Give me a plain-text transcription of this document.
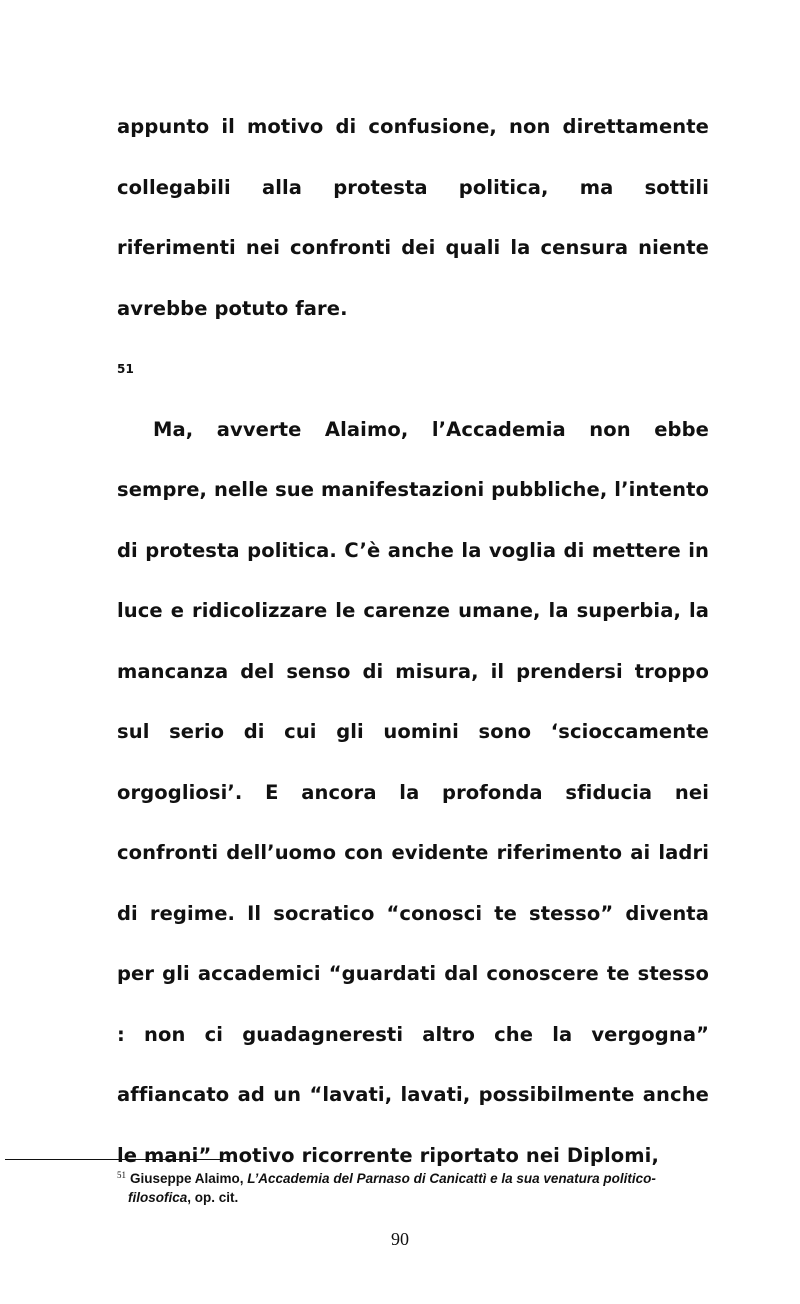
appunto il motivo di confusione, non direttamente collegabili alla protesta politica, ma sottili riferimenti nei confronti dei quali la censura niente avrebbe potuto fare.

51

Ma, avverte Alaimo, l’Accademia non ebbe sempre, nelle sue manifestazioni pubbliche, l’intento di protesta politica. C’è anche la voglia di mettere in luce e ridicolizzare le carenze umane, la superbia, la mancanza del senso di misura, il prendersi troppo sul serio di cui gli uomini sono ‘scioccamente orgogliosi’. E ancora la profonda sfiducia nei confronti dell’uomo con evidente riferimento ai ladri di regime. Il socratico “conosci te stesso” diventa per gli accademici “guardati dal conoscere te stesso : non ci guadagneresti altro che la vergogna” affiancato ad un “lavati, lavati, possibilmente anche le mani” motivo ricorrente riportato nei Diplomi,

$^{51}$ Giuseppe Alaimo, L’Accademia del Parnaso di Canicattì e la sua venatura politico-
filosofica, op. cit.
90
